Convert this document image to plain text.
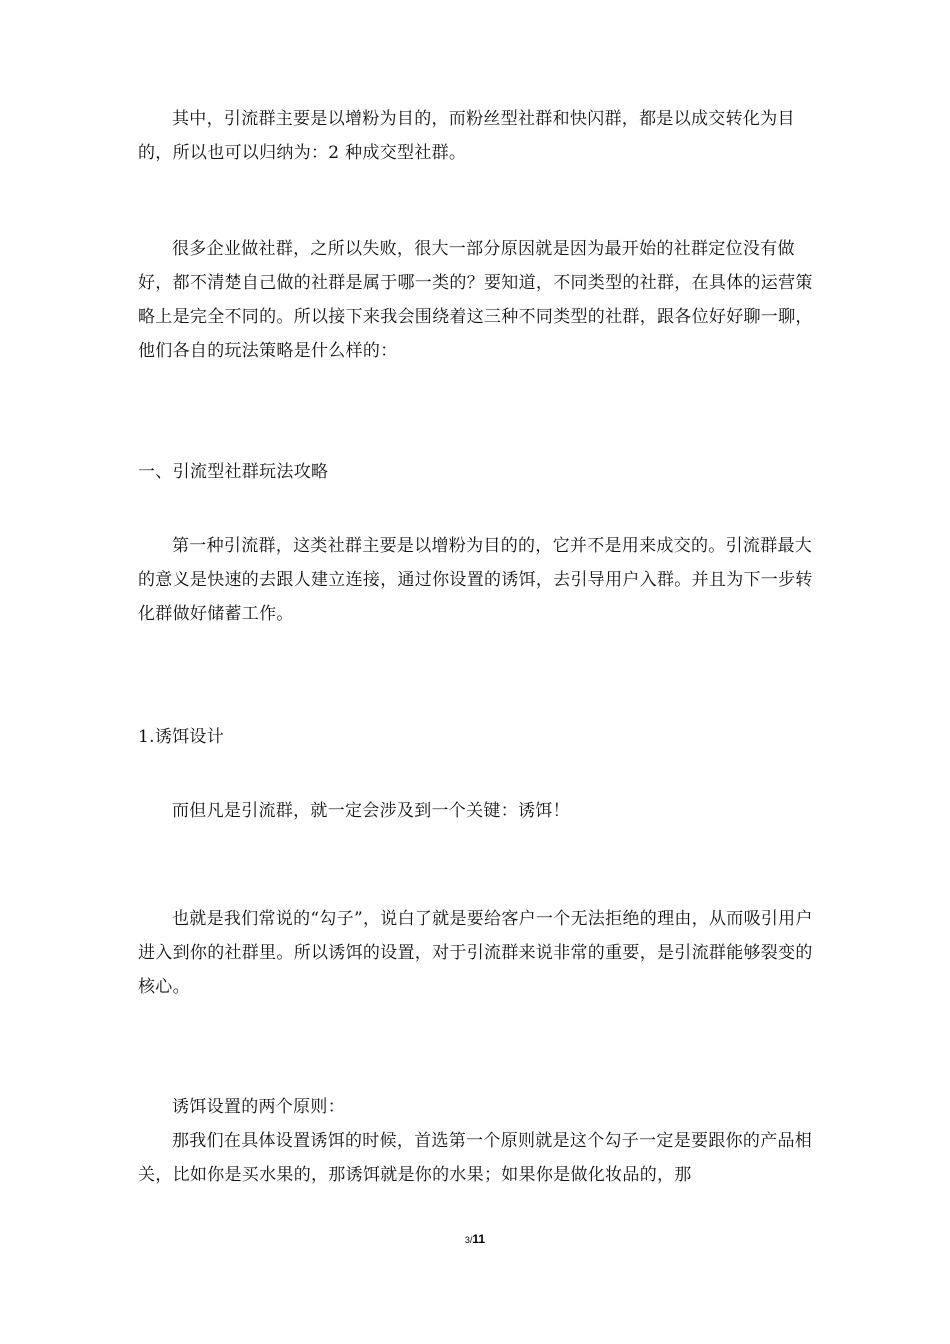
其中，引流群主要是以增粉为目的，而粉丝型社群和快闪群，都是以成交转化为目的，所以也可以归纳为：2 种成交型社群。

很多企业做社群，之所以失败，很大一部分原因就是因为最开始的社群定位没有做好，都不清楚自己做的社群是属于哪一类的？要知道，不同类型的社群，在具体的运营策略上是完全不同的。所以接下来我会围绕着这三种不同类型的社群，跟各位好好聊一聊，他们各自的玩法策略是什么样的：

一、引流型社群玩法攻略

第一种引流群，这类社群主要是以增粉为目的的，它并不是用来成交的。引流群最大的意义是快速的去跟人建立连接，通过你设置的诱饵，去引导用户入群。并且为下一步转化群做好储蓄工作。

1.诱饵设计

而但凡是引流群，就一定会涉及到一个关键：诱饵！

也就是我们常说的“勾子”，说白了就是要给客户一个无法拒绝的理由，从而吸引用户进入到你的社群里。所以诱饵的设置，对于引流群来说非常的重要，是引流群能够裂变的核心。

诱饵设置的两个原则：

那我们在具体设置诱饵的时候，首选第一个原则就是这个勾子一定是要跟你的产品相关，比如你是买水果的，那诱饵就是你的水果；如果你是做化妆品的，那

3/11
